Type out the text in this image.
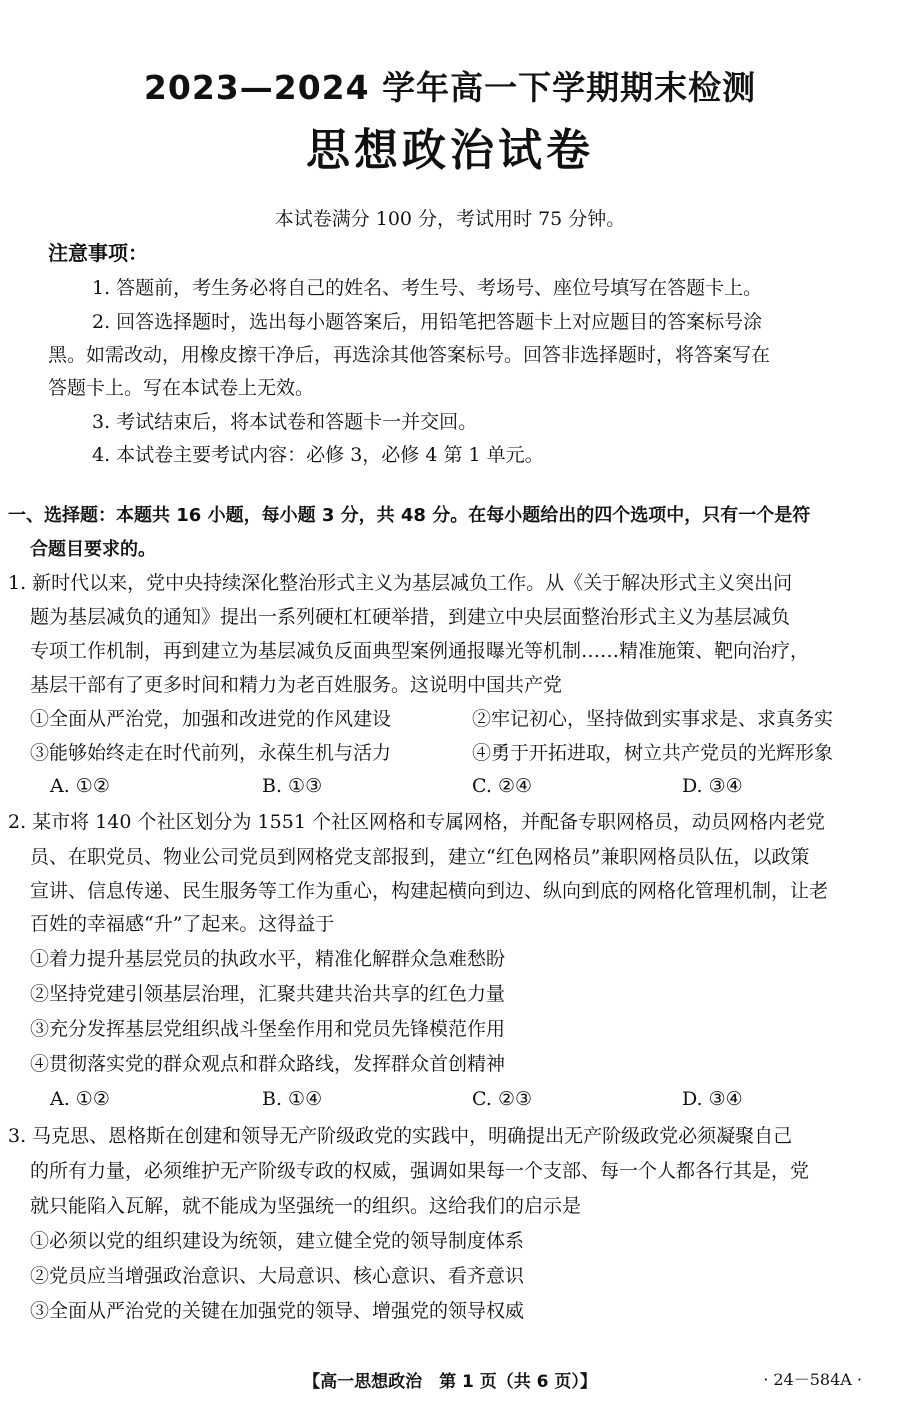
2023—2024 学年高一下学期期末检测
思想政治试卷
本试卷满分 100 分，考试用时 75 分钟。
注意事项：
1. 答题前，考生务必将自己的姓名、考生号、考场号、座位号填写在答题卡上。
2. 回答选择题时，选出每小题答案后，用铅笔把答题卡上对应题目的答案标号涂
黑。如需改动，用橡皮擦干净后，再选涂其他答案标号。回答非选择题时，将答案写在
答题卡上。写在本试卷上无效。
3. 考试结束后，将本试卷和答题卡一并交回。
4. 本试卷主要考试内容：必修 3，必修 4 第 1 单元。
一、选择题：本题共 16 小题，每小题 3 分，共 48 分。在每小题给出的四个选项中，只有一个是符
合题目要求的。
1. 新时代以来，党中央持续深化整治形式主义为基层减负工作。从《关于解决形式主义突出问
题为基层减负的通知》提出一系列硬杠杠硬举措，到建立中央层面整治形式主义为基层减负
专项工作机制，再到建立为基层减负反面典型案例通报曝光等机制……精准施策、靶向治疗，
基层干部有了更多时间和精力为老百姓服务。这说明中国共产党
①全面从严治党，加强和改进党的作风建设	②牢记初心，坚持做到实事求是、求真务实
③能够始终走在时代前列，永葆生机与活力	④勇于开拓进取，树立共产党员的光辉形象
A. ①②	B. ①③	C. ②④	D. ③④
2. 某市将 140 个社区划分为 1551 个社区网格和专属网格，并配备专职网格员，动员网格内老党
员、在职党员、物业公司党员到网格党支部报到，建立“红色网格员”兼职网格员队伍，以政策
宣讲、信息传递、民生服务等工作为重心，构建起横向到边、纵向到底的网格化管理机制，让老
百姓的幸福感“升”了起来。这得益于
①着力提升基层党员的执政水平，精准化解群众急难愁盼
②坚持党建引领基层治理，汇聚共建共治共享的红色力量
③充分发挥基层党组织战斗堡垒作用和党员先锋模范作用
④贯彻落实党的群众观点和群众路线，发挥群众首创精神
A. ①②	B. ①④	C. ②③	D. ③④
3. 马克思、恩格斯在创建和领导无产阶级政党的实践中，明确提出无产阶级政党必须凝聚自己
的所有力量，必须维护无产阶级专政的权威，强调如果每一个支部、每一个人都各行其是，党
就只能陷入瓦解，就不能成为坚强统一的组织。这给我们的启示是
①必须以党的组织建设为统领，建立健全党的领导制度体系
②党员应当增强政治意识、大局意识、核心意识、看齐意识
③全面从严治党的关键在加强党的领导、增强党的领导权威
【高一思想政治　第 1 页（共 6 页）】	· 24－584A ·
